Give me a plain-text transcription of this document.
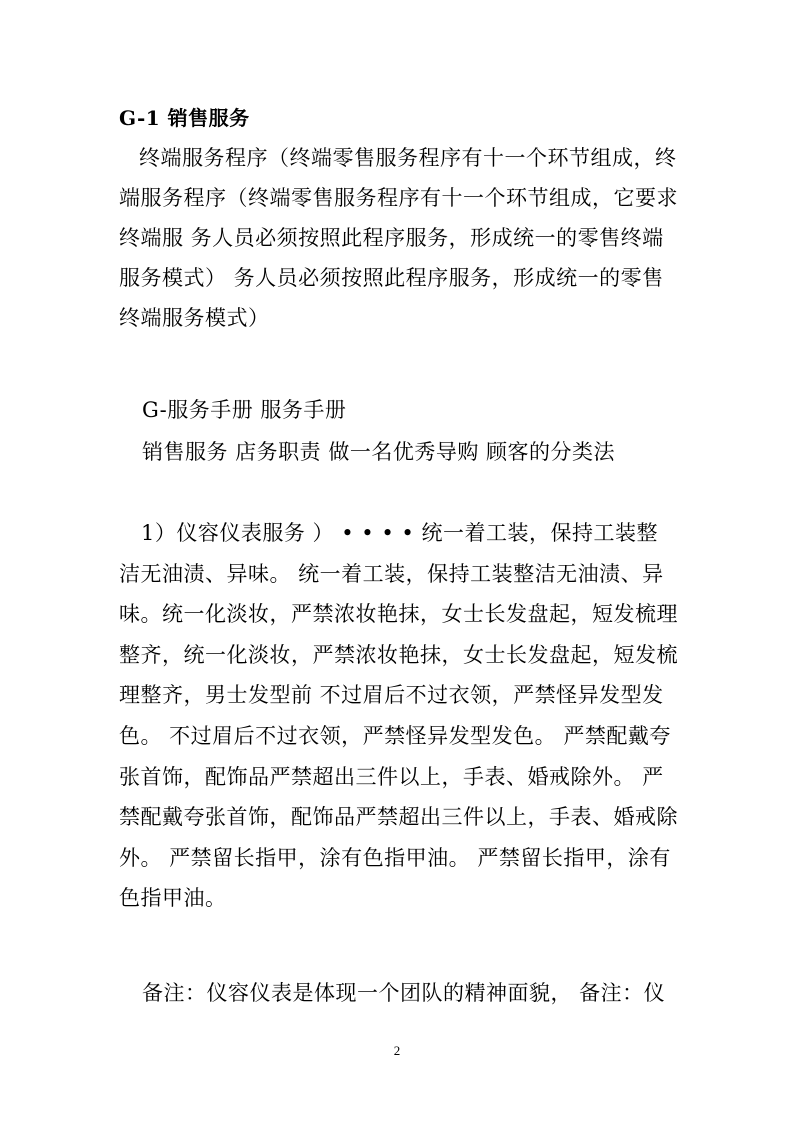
G-1 销售服务
终端服务程序（终端零售服务程序有十一个环节组成，终端服务程序（终端零售服务程序有十一个环节组成，它要求终端服 务人员必须按照此程序服务，形成统一的零售终端服务模式） 务人员必须按照此程序服务，形成统一的零售终端服务模式）
G-服务手册 服务手册
销售服务 店务职责 做一名优秀导购 顾客的分类法
1）仪容仪表服务 ） • • • • 统一着工装，保持工装整洁无油渍、异味。 统一着工装，保持工装整洁无油渍、异味。统一化淡妆，严禁浓妆艳抹，女士长发盘起，短发梳理整齐，统一化淡妆，严禁浓妆艳抹，女士长发盘起，短发梳理整齐，男士发型前 不过眉后不过衣领，严禁怪异发型发色。 不过眉后不过衣领，严禁怪异发型发色。 严禁配戴夸张首饰，配饰品严禁超出三件以上，手表、婚戒除外。 严禁配戴夸张首饰，配饰品严禁超出三件以上，手表、婚戒除外。 严禁留长指甲，涂有色指甲油。 严禁留长指甲，涂有色指甲油。
备注：仪容仪表是体现一个团队的精神面貌， 备注：仪
2
